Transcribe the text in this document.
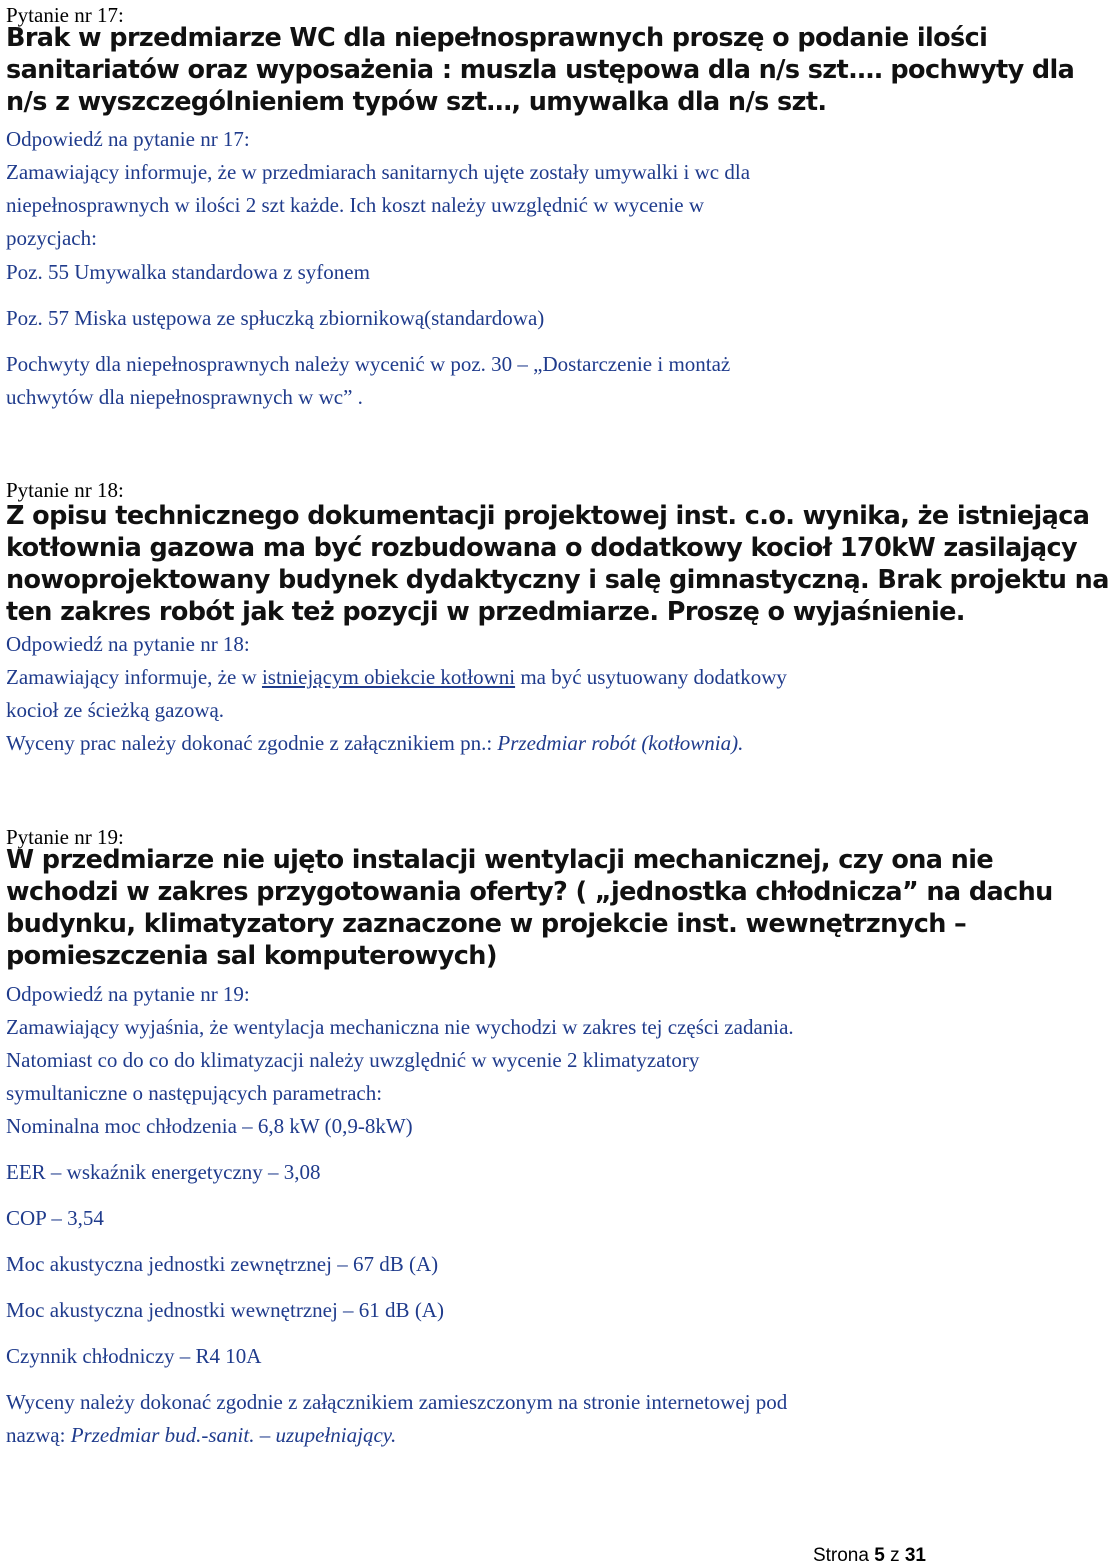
Pytanie nr 17:
Brak w przedmiarze WC dla niepełnosprawnych proszę o podanie ilości
sanitariatów oraz wyposażenia : muszla ustępowa dla n/s szt.… pochwyty dla
n/s z wyszczególnieniem typów szt…, umywalka dla n/s szt.
Odpowiedź na pytanie nr 17:
Zamawiający informuje, że w przedmiarach sanitarnych ujęte zostały umywalki i wc dla
niepełnosprawnych w ilości 2 szt każde. Ich koszt należy uwzględnić w wycenie w
pozycjach:
Poz. 55 Umywalka standardowa z syfonem
Poz. 57 Miska ustępowa ze spłuczką zbiornikową(standardowa)
Pochwyty dla niepełnosprawnych należy wycenić w poz. 30 – „Dostarczenie i montaż
uchwytów dla niepełnosprawnych w wc” .
Pytanie nr 18:
Z opisu technicznego dokumentacji projektowej inst. c.o. wynika, że istniejąca
kotłownia gazowa ma być rozbudowana o dodatkowy kocioł 170kW zasilający
nowoprojektowany budynek dydaktyczny i salę gimnastyczną. Brak projektu na
ten zakres robót jak też pozycji w przedmiarze. Proszę o wyjaśnienie.
Odpowiedź na pytanie nr 18:
Zamawiający informuje, że w istniejącym obiekcie kotłowni ma być usytuowany dodatkowy
kocioł ze ścieżką gazową.
Wyceny prac należy dokonać zgodnie z załącznikiem pn.: Przedmiar robót (kotłownia).
Pytanie nr 19:
W przedmiarze nie ujęto instalacji wentylacji mechanicznej, czy ona nie
wchodzi w zakres przygotowania oferty? ( „jednostka chłodnicza” na dachu
budynku, klimatyzatory zaznaczone w projekcie inst. wewnętrznych –
pomieszczenia sal komputerowych)
Odpowiedź na pytanie nr 19:
Zamawiający wyjaśnia, że wentylacja mechaniczna nie wychodzi w zakres tej części zadania.
Natomiast co do co do klimatyzacji należy uwzględnić w wycenie 2 klimatyzatory
symultaniczne o następujących parametrach:
Nominalna moc chłodzenia – 6,8 kW (0,9-8kW)
EER – wskaźnik energetyczny – 3,08
COP – 3,54
Moc akustyczna jednostki zewnętrznej – 67 dB (A)
Moc akustyczna jednostki wewnętrznej – 61 dB (A)
Czynnik chłodniczy – R4 10A
Wyceny należy dokonać zgodnie z załącznikiem zamieszczonym na stronie internetowej pod
nazwą: Przedmiar bud.-sanit. – uzupełniający.
Strona 5 z 31
